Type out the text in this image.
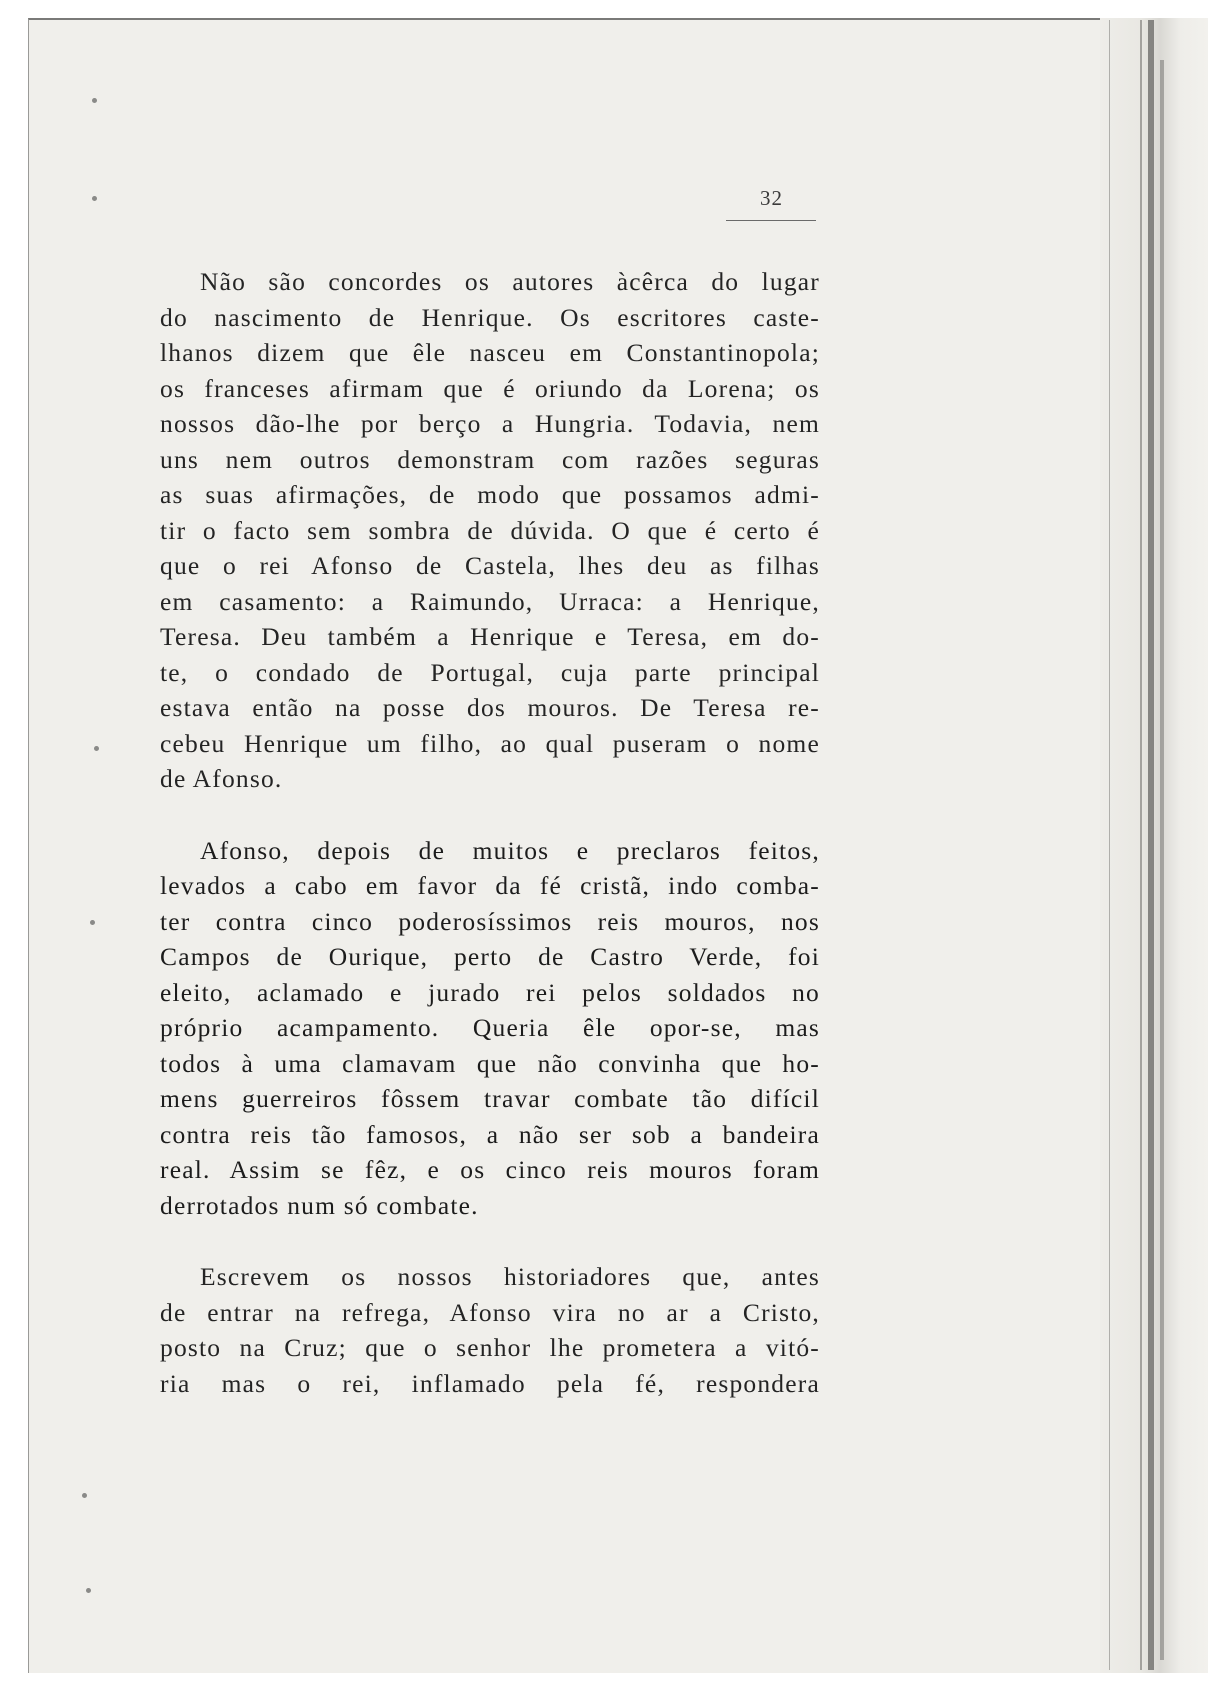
32

Não são concordes os autores àcêrca do lugar
do nascimento de Henrique. Os escritores caste-
lhanos dizem que êle nasceu em Constantinopola;
os franceses afirmam que é oriundo da Lorena; os
nossos dão-lhe por berço a Hungria. Todavia, nem
uns nem outros demonstram com razões seguras
as suas afirmações, de modo que possamos admi-
tir o facto sem sombra de dúvida. O que é certo é
que o rei Afonso de Castela, lhes deu as filhas
em casamento: a Raimundo, Urraca: a Henrique,
Teresa. Deu também a Henrique e Teresa, em do-
te, o condado de Portugal, cuja parte principal
estava então na posse dos mouros. De Teresa re-
cebeu Henrique um filho, ao qual puseram o nome
de Afonso.

Afonso, depois de muitos e preclaros feitos,
levados a cabo em favor da fé cristã, indo comba-
ter contra cinco poderosíssimos reis mouros, nos
Campos de Ourique, perto de Castro Verde, foi
eleito, aclamado e jurado rei pelos soldados no
próprio acampamento. Queria êle opor-se, mas
todos à uma clamavam que não convinha que ho-
mens guerreiros fôssem travar combate tão difícil
contra reis tão famosos, a não ser sob a bandeira
real. Assim se fêz, e os cinco reis mouros foram
derrotados num só combate.

Escrevem os nossos historiadores que, antes
de entrar na refrega, Afonso vira no ar a Cristo,
posto na Cruz; que o senhor lhe prometera a vitó-
ria mas o rei, inflamado pela fé, respondera
